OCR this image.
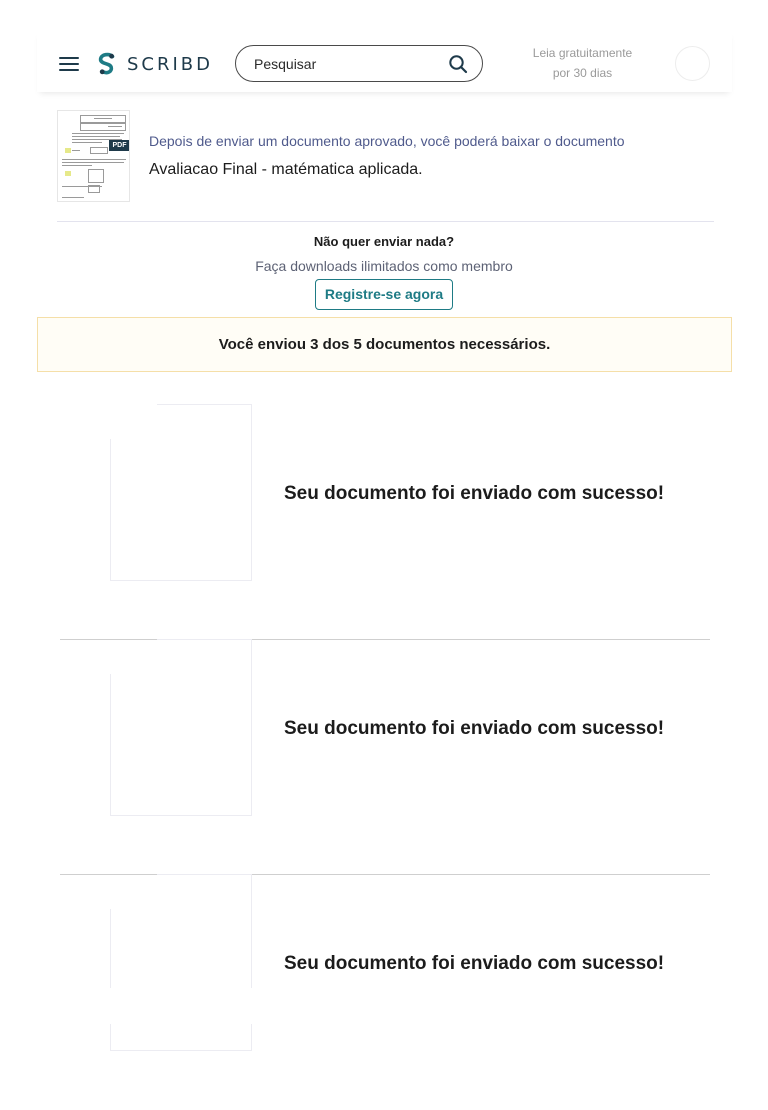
SCRIBD
Pesquisar
Leia gratuitamente
por 30 dias
PDF Depois de enviar um documento aprovado, você poderá baixar o documento
Avaliacao Final - matématica aplicada.
Não quer enviar nada?
Faça downloads ilimitados como membro
Registre-se agora
Você enviou 3 dos 5 documentos necessários.
Seu documento foi enviado com sucesso!
Seu documento foi enviado com sucesso!
Seu documento foi enviado com sucesso!
